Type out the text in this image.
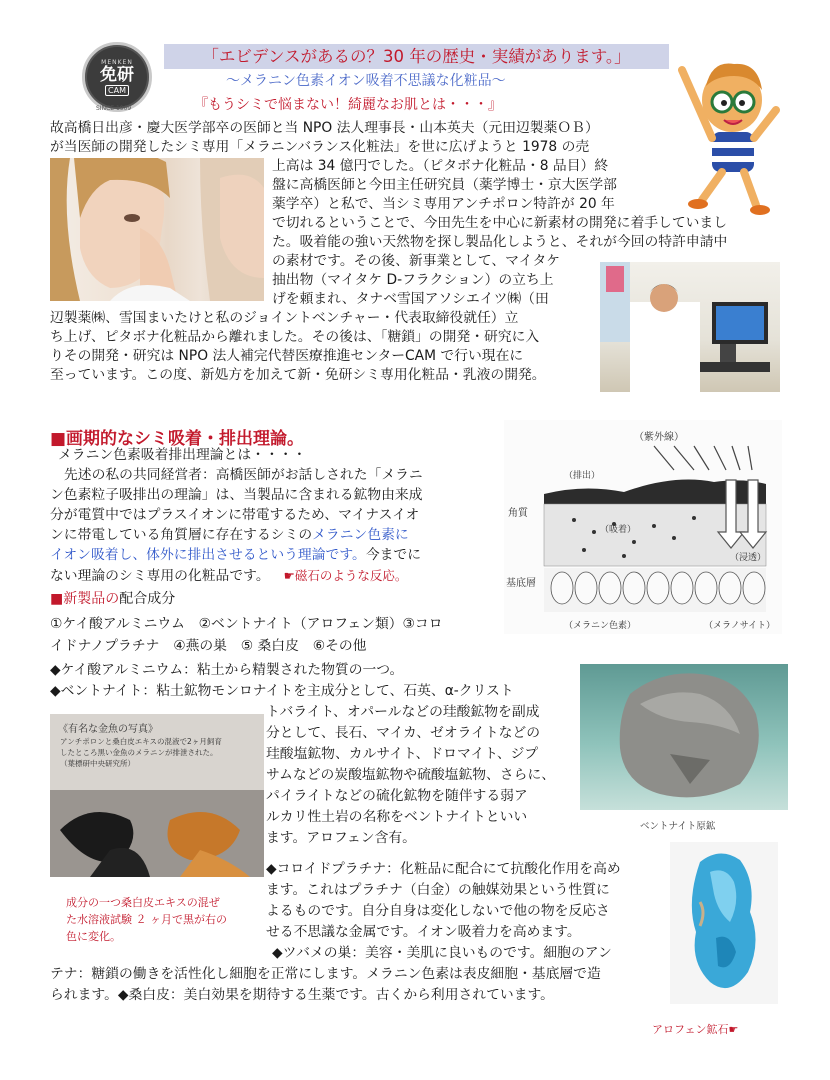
MENKEN
免研
CAM
SINCE 1909
「エビデンスがあるの？30 年の歴史・実績があります。」
～メラニン色素イオン吸着不思議な化粧品～
『もうシミで悩まない！綺麗なお肌とは・・・』
故高橋日出彦・慶大医学部卒の医師と当 NPO 法人理事長・山本英夫（元田辺製薬ＯＢ）
が当医師の開発したシミ専用「メラニンバランス化粧法」を世に広げようと 1978 の売
上高は 34 億円でした。（ピタボナ化粧品・8 品目）終
盤に高橋医師と今田主任研究員（薬学博士・京大医学部
薬学卒）と私で、当シミ専用アンチポロン特許が 20 年
で切れるということで、今田先生を中心に新素材の開発に着手していまし
た。吸着能の強い天然物を探し製品化しようと、それが今回の特許申請中
の素材です。その後、新事業として、マイタケ
抽出物（マイタケ D-フラクション）の立ち上
げを頼まれ、タナベ雪国アソシエイツ㈱（田
辺製薬㈱、雪国まいたけと私のジョイントベンチャー・代表取締役就任）立
ち上げ、ピタボナ化粧品から離れました。その後は、「糖鎖」の開発・研究に入
りその開発・研究は NPO 法人補完代替医療推進センターCAM で行い現在に
至っています。この度、新処方を加えて新・免研シミ専用化粧品・乳液の開発。
■画期的なシミ吸着・排出理論。
メラニン色素吸着排出理論とは・・・・
先述の私の共同経営者：高橋医師がお話しされた「メラニ
ン色素粒子吸排出の理論」は、当製品に含まれる鉱物由来成
分が電質中ではプラスイオンに帯電するため、マイナスイオ
ンに帯電している角質層に存在するシミのメラニン色素に
イオン吸着し、体外に排出させるという理論です。今までに
ない理論のシミ専用の化粧品です。 ☛磁石のような反応。
（紫外線）
（排出）
角質
（吸着）
（浸透）
基底層
（メラニン色素）	（メラノサイト）
■新製品の配合成分
①ケイ酸アルミニウム　②ベントナイト（アロフェン類）③コロ
イドナノプラチナ　④燕の巣　⑤ 桑白皮　⑥その他
◆ケイ酸アルミニウム：粘土から精製された物質の一つ。
◆ベントナイト：粘土鉱物モンロナイトを主成分として、石英、α-クリスト
トバライト、オパールなどの珪酸鉱物を副成
分として、長石、マイカ、ゼオライトなどの
珪酸塩鉱物、カルサイト、ドロマイト、ジプ
サムなどの炭酸塩鉱物や硫酸塩鉱物、さらに、
パイライトなどの硫化鉱物を随伴する弱ア
ルカリ性土岩の名称をベントナイトといい
ます。アロフェン含有。
《有名な金魚の写真》
アンチポロンと桑白皮エキスの混液で2ヶ月飼育
したところ黒い金魚のメラニンが排泄された。
（葉標研中央研究所）
成分の一つ桑白皮エキスの混ぜ
た水溶液試験 ２ ヶ月で黒が右の
色に変化。
ベントナイト原鉱
◆コロイドプラチナ：化粧品に配合にて抗酸化作用を高め
ます。これはプラチナ（白金）の触媒効果という性質に
よるものです。自分自身は変化しないで他の物を反応さ
せる不思議な金属です。イオン吸着力を高めます。
◆ツバメの巣：美容・美肌に良いものです。細胞のアン
テナ：糖鎖の働きを活性化し細胞を正常にします。メラニン色素は表皮細胞・基底層で造
られます。◆桑白皮：美白効果を期待する生薬です。古くから利用されています。
アロフェン鉱石☛
